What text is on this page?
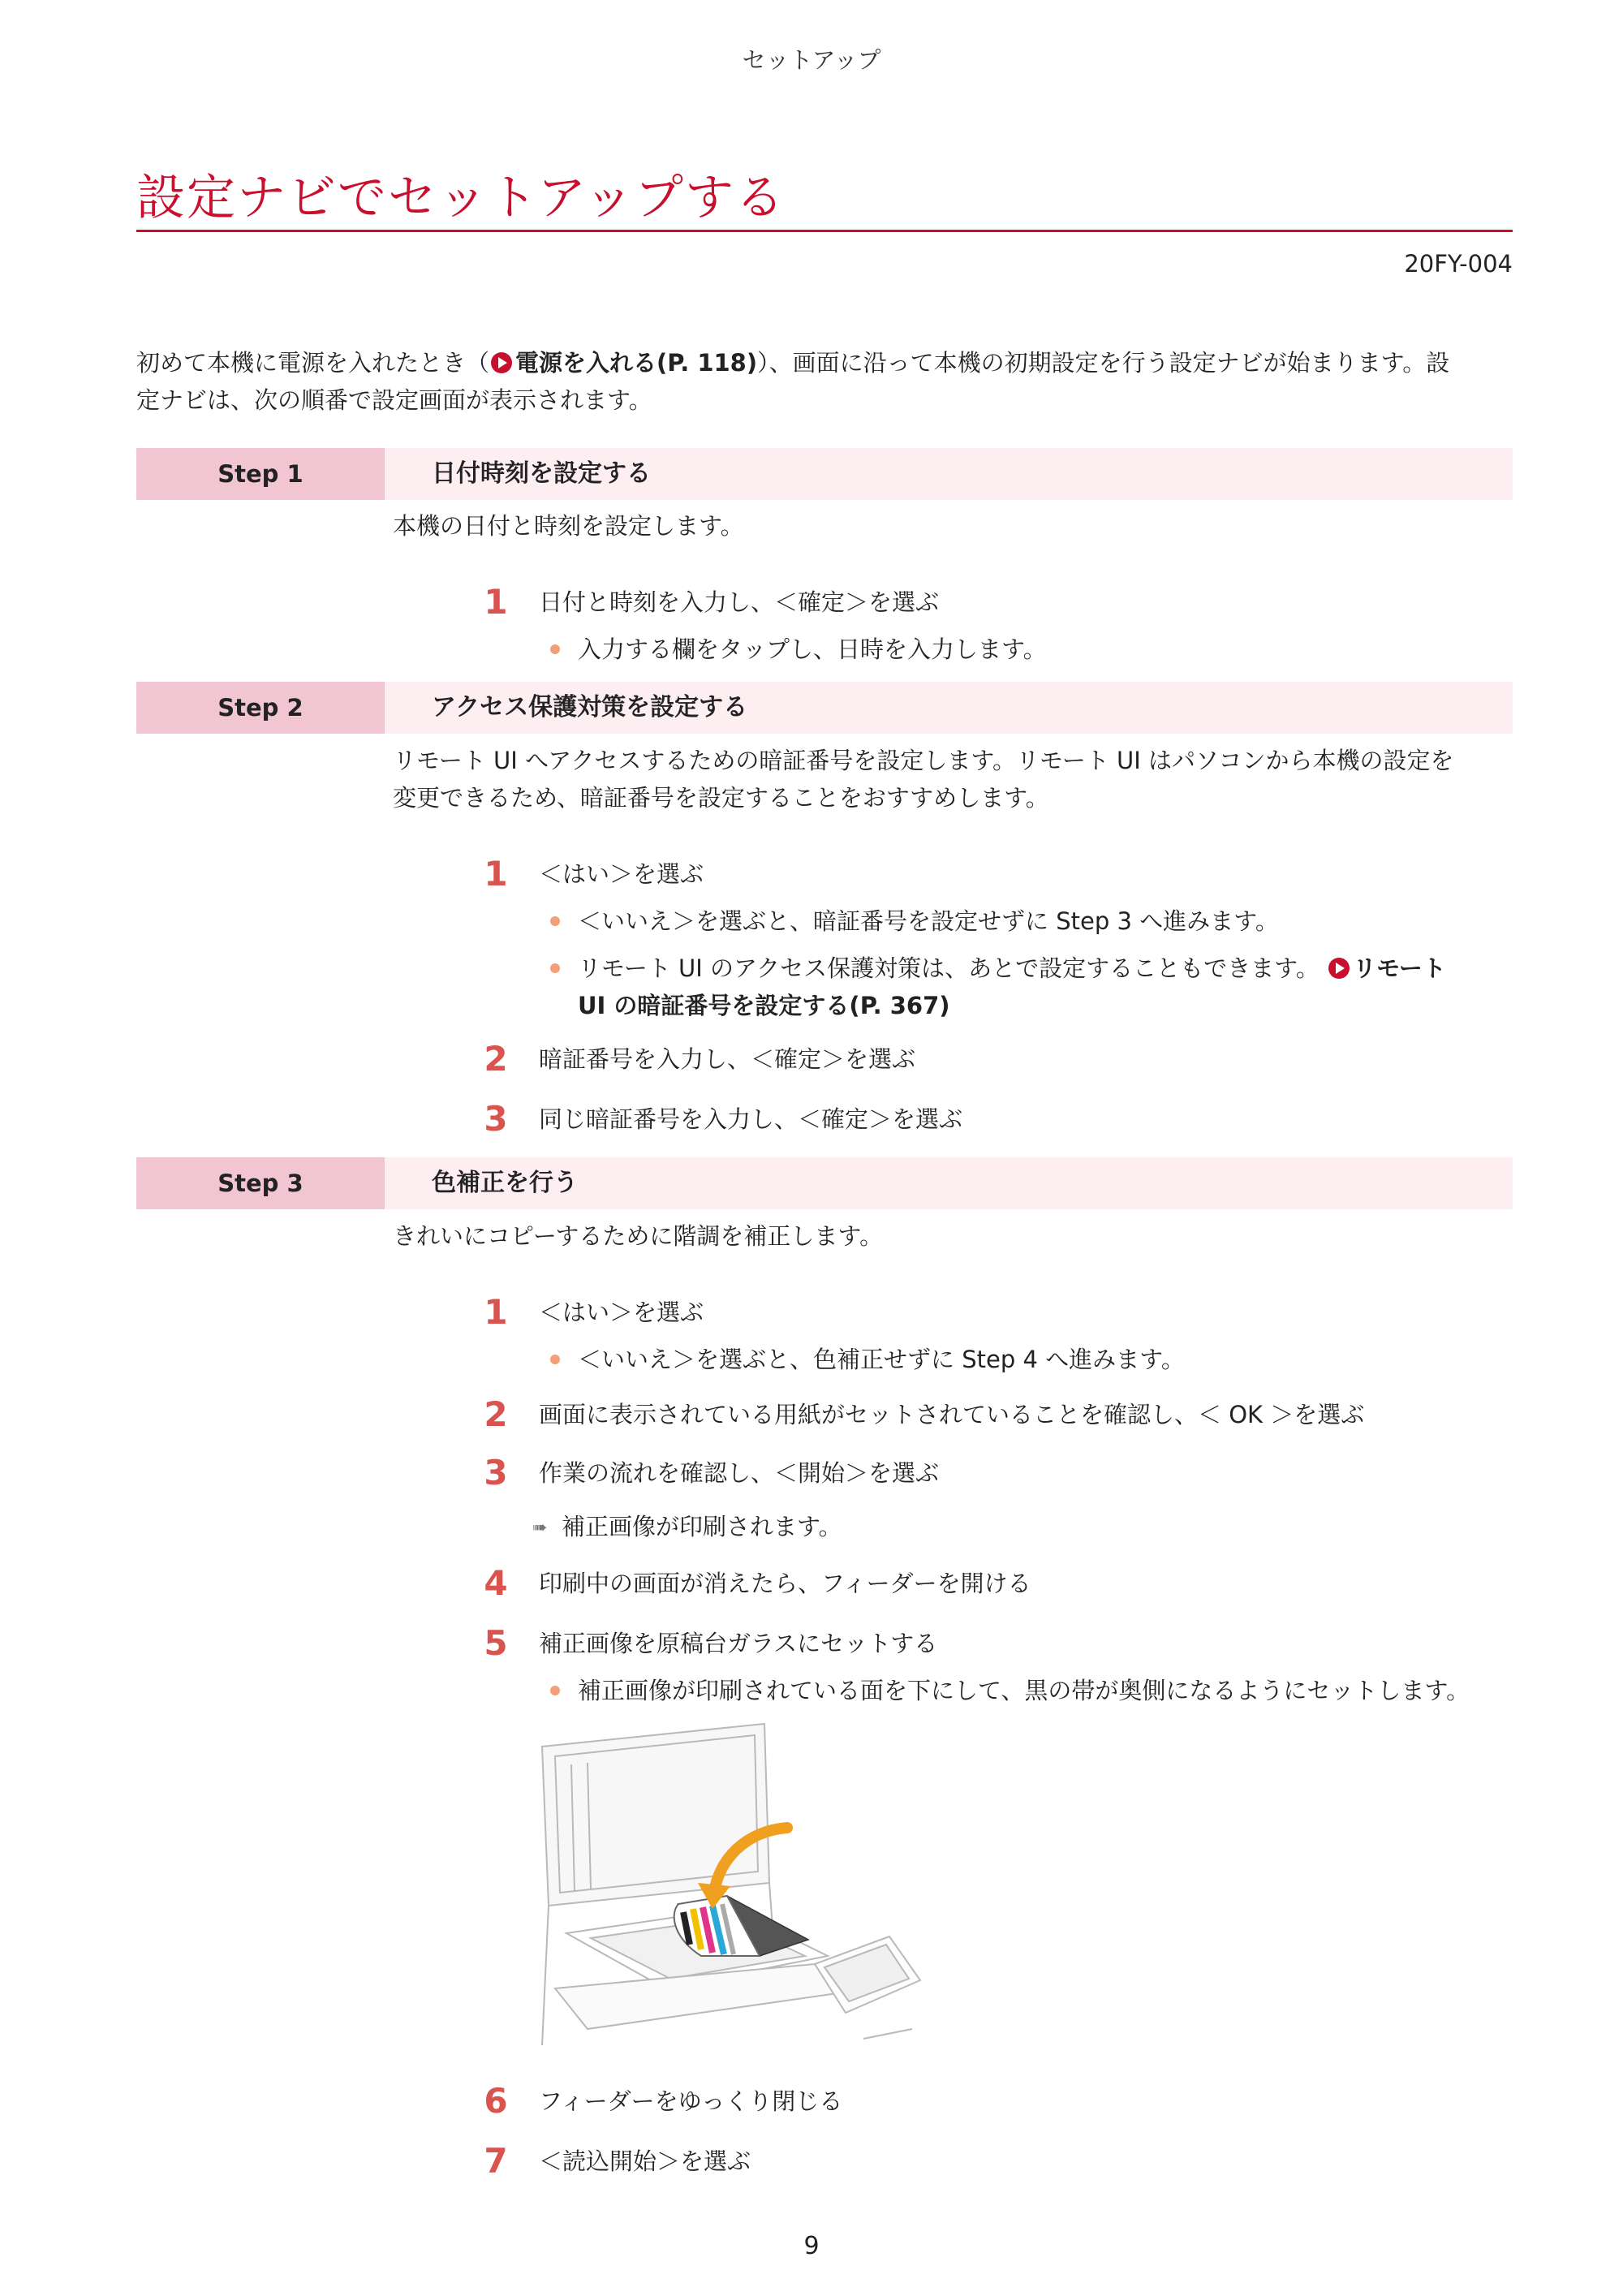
セットアップ
設定ナビでセットアップする
20FY-004
初めて本機に電源を入れたとき（ 電源を入れる(P. 118)）、画面に沿って本機の初期設定を行う設定ナビが始まります。設
定ナビは、次の順番で設定画面が表示されます。
Step 1	日付時刻を設定する
本機の日付と時刻を設定します。
1	日付と時刻を入力し、＜確定＞を選ぶ
入力する欄をタップし、日時を入力します。
Step 2	アクセス保護対策を設定する
リモート UI へアクセスするための暗証番号を設定します。リモート UI はパソコンから本機の設定を
変更できるため、暗証番号を設定することをおすすめします。
1	＜はい＞を選ぶ
＜いいえ＞を選ぶと、暗証番号を設定せずに Step 3 へ進みます。
リモート UI のアクセス保護対策は、あとで設定することもできます。 リモート
UI の暗証番号を設定する(P. 367)
2	暗証番号を入力し、＜確定＞を選ぶ
3	同じ暗証番号を入力し、＜確定＞を選ぶ
Step 3	色補正を行う
きれいにコピーするために階調を補正します。
1	＜はい＞を選ぶ
＜いいえ＞を選ぶと、色補正せずに Step 4 へ進みます。
2	画面に表示されている用紙がセットされていることを確認し、＜ OK ＞を選ぶ
3	作業の流れを確認し、＜開始＞を選ぶ
➠ 補正画像が印刷されます。
4	印刷中の画面が消えたら、フィーダーを開ける
5	補正画像を原稿台ガラスにセットする
補正画像が印刷されている面を下にして、黒の帯が奥側になるようにセットします。
6	フィーダーをゆっくり閉じる
7	＜読込開始＞を選ぶ
9
